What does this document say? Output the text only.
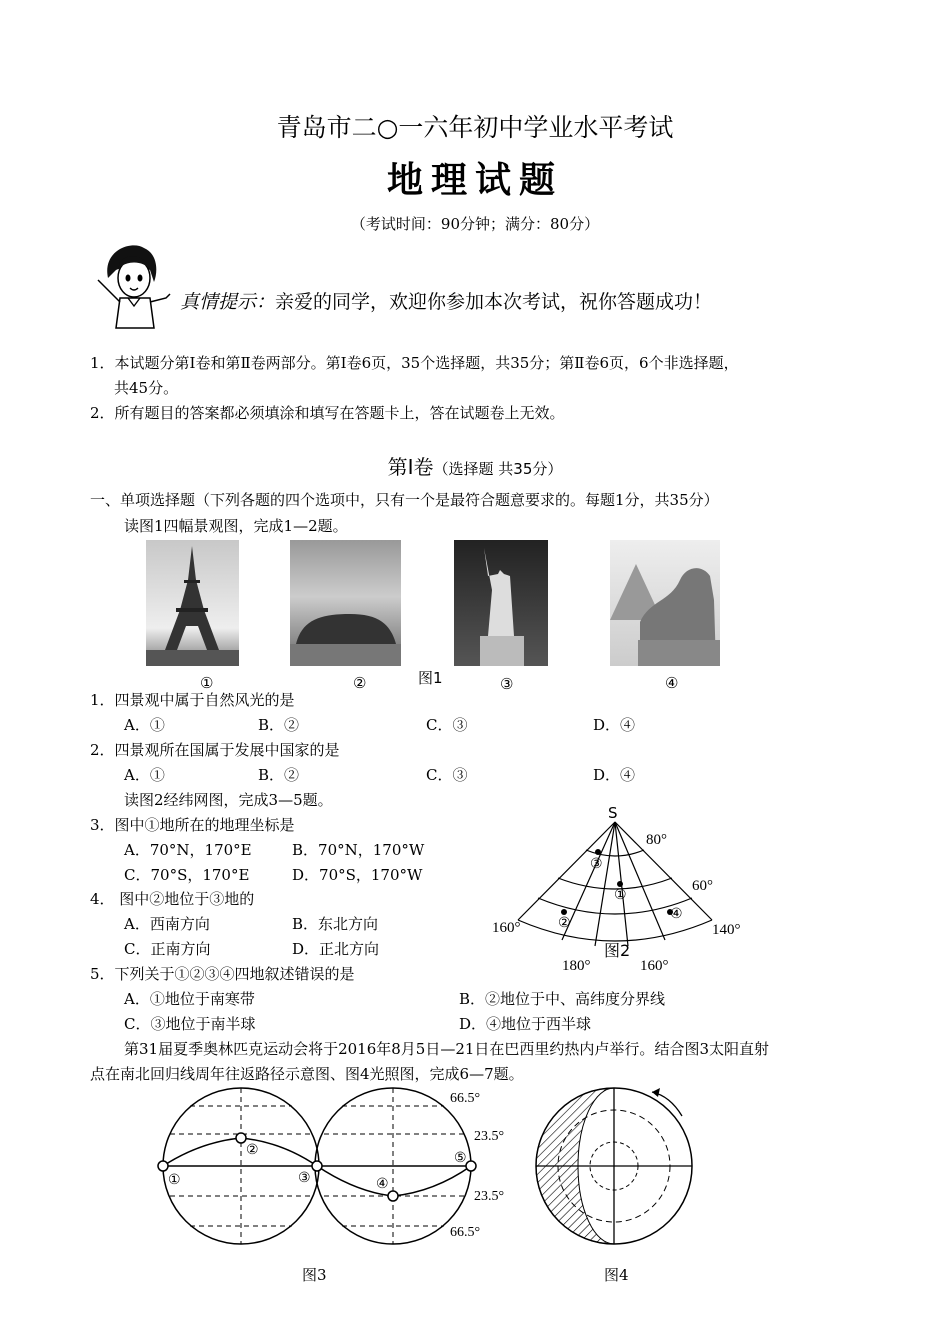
青岛市二○一六年初中学业水平考试
地理试题
（考试时间：90分钟；满分：80分）
真情提示：亲爱的同学，欢迎你参加本次考试，祝你答题成功！
1．本试题分第Ⅰ卷和第Ⅱ卷两部分。第Ⅰ卷6页，35个选择题，共35分；第Ⅱ卷6页，6个非选择题，
共45分。
2．所有题目的答案都必须填涂和填写在答题卡上，答在试题卷上无效。
第Ⅰ卷（选择题 共35分）
一、单项选择题（下列各题的四个选项中，只有一个是最符合题意要求的。每题1分，共35分）
读图1四幅景观图，完成1—2题。
①	②	图1	③	④
1．四景观中属于自然风光的是
A．①	B．②	C．③	D．④
2．四景观所在国属于发展中国家的是
A．①	B．②	C．③	D．④
读图2经纬网图，完成3—5题。
3．图中①地所在的地理坐标是
A．70°N，170°E	B．70°N，170°W
C．70°S，170°E	D．70°S，170°W
4． 图中②地位于③地的
A．西南方向	B．东北方向
C．正南方向	D．正北方向
5．下列关于①②③④四地叙述错误的是
A．①地位于南寒带	B．②地位于中、高纬度分界线
C．③地位于南半球	D．④地位于西半球
S
80°
60°
160°	140°
180°	160°
图2
①
②
③
④
第31届夏季奥林匹克运动会将于2016年8月5日—21日在巴西里约热内卢举行。结合图3太阳直射
点在南北回归线周年往返路径示意图、图4光照图，完成6—7题。
66.5°
23.5°
23.5°
66.5°
①
②
③	④
⑤
图3	图4
